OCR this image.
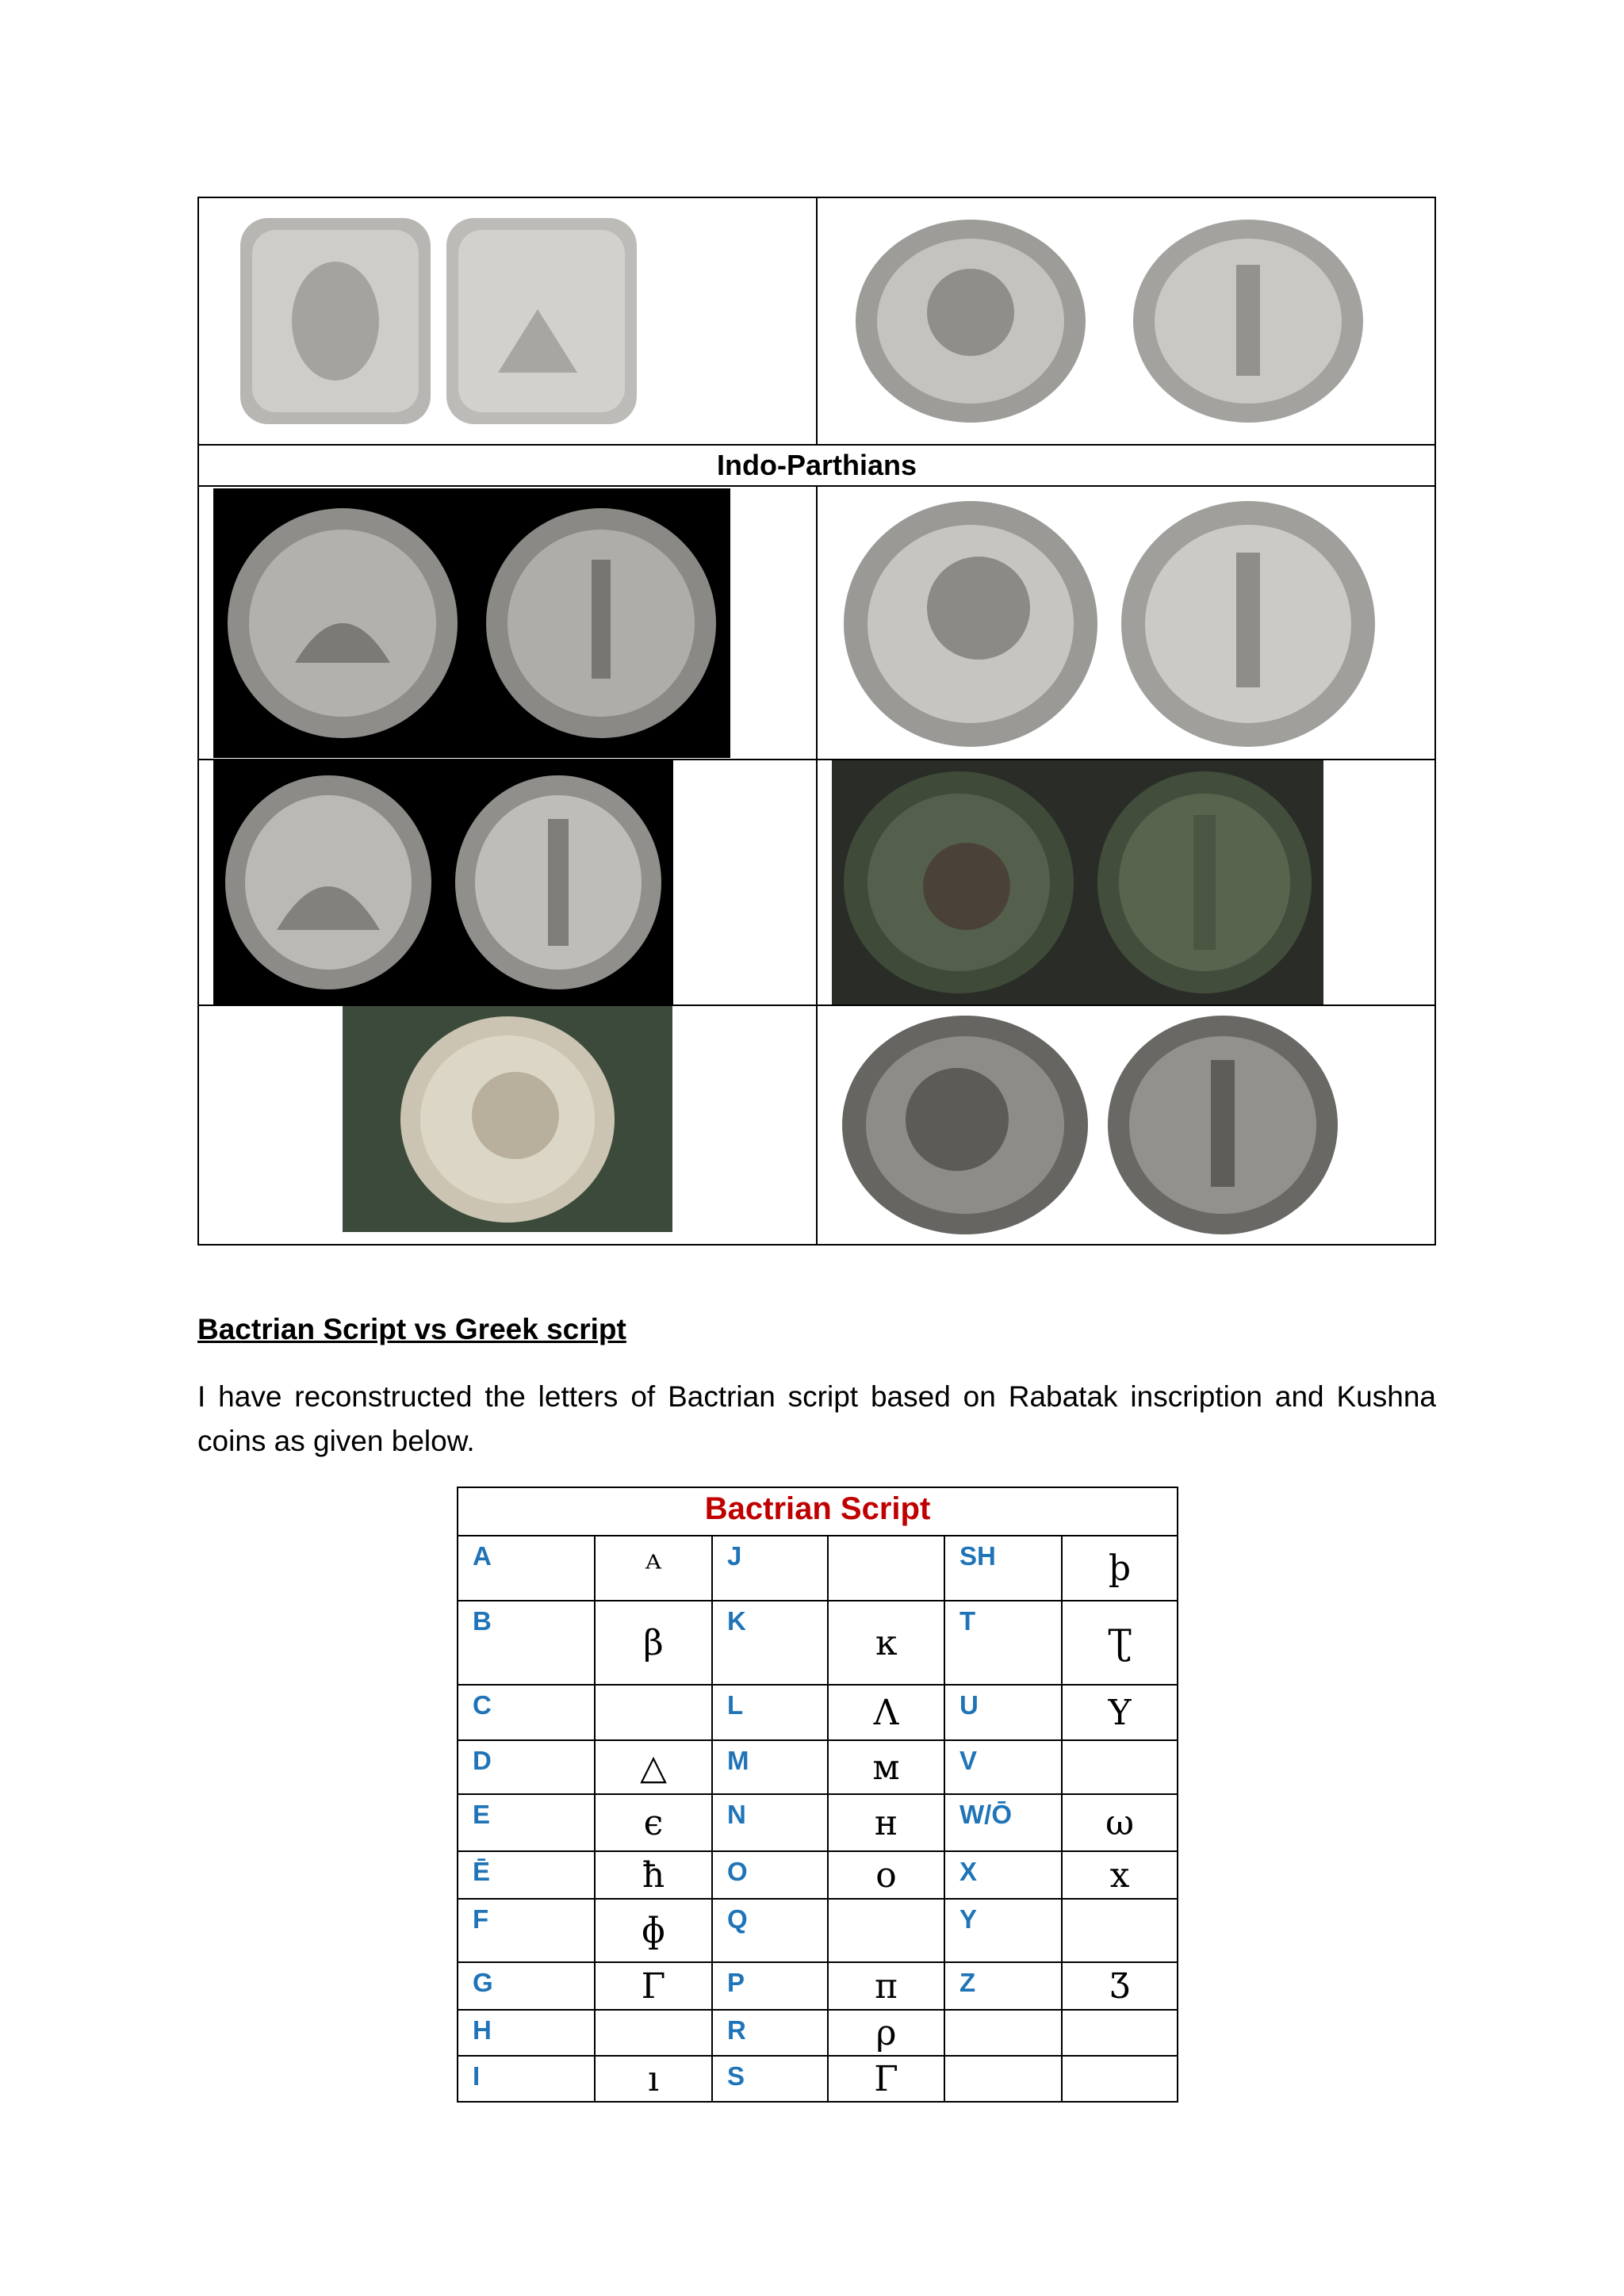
Indo-Parthians	

Bactrian Script vs Greek script

I have reconstructed the letters of Bactrian script based on Rabatak inscription and Kushna coins as given below.

Bactrian Script					
A	ᴬ	J		SH	þ
B	β	K	ĸ	T	Ʈ
C		L	Λ	U	Υ
D	△	M	м	V	
E	ϵ	N	н	W/Ō	ω
Ē	ħ	O	o	X	x
F	ɸ	Q		Y	
G	Γ	P	π	Z	Ʒ
H		R	ρ		
I	ı	S	Γ		
